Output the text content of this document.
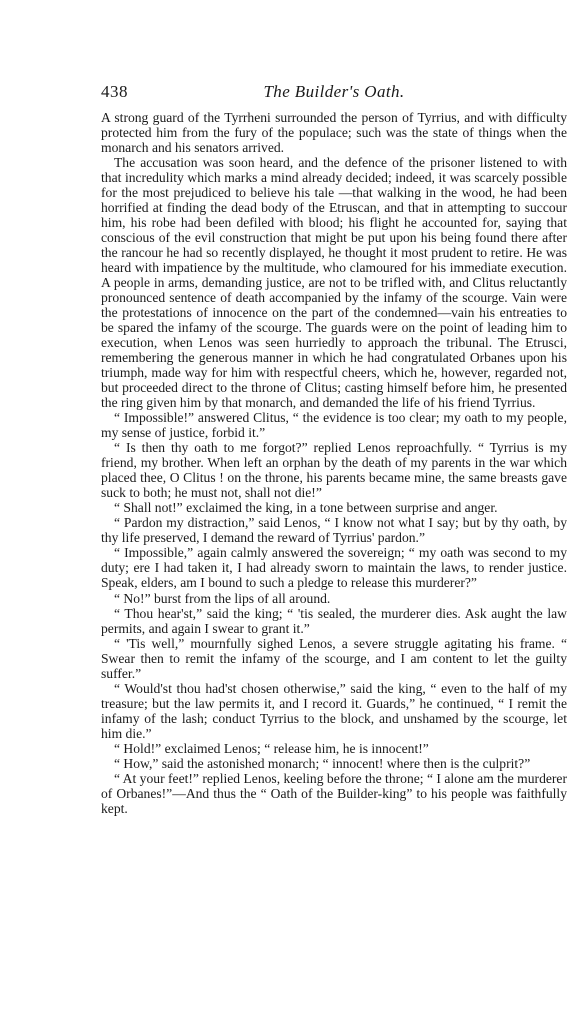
438	The Builder's Oath.

A strong guard of the Tyrrheni surrounded the person of Tyrrius, and with difficulty protected him from the fury of the populace; such was the state of things when the monarch and his senators arrived.

The accusation was soon heard, and the defence of the prisoner listened to with that incredulity which marks a mind already decided; indeed, it was scarcely possible for the most prejudiced to believe his tale —that walking in the wood, he had been horrified at finding the dead body of the Etruscan, and that in attempting to succour him, his robe had been defiled with blood; his flight he accounted for, saying that conscious of the evil construction that might be put upon his being found there after the rancour he had so recently displayed, he thought it most prudent to retire. He was heard with impatience by the multitude, who clamoured for his immediate execution. A people in arms, demanding justice, are not to be trifled with, and Clitus reluctantly pronounced sentence of death accompanied by the infamy of the scourge. Vain were the protestations of innocence on the part of the condemned—vain his entreaties to be spared the infamy of the scourge. The guards were on the point of leading him to execution, when Lenos was seen hurriedly to approach the tribunal. The Etrusci, remembering the generous manner in which he had congratulated Orbanes upon his triumph, made way for him with respectful cheers, which he, however, regarded not, but proceeded direct to the throne of Clitus; casting himself before him, he presented the ring given him by that monarch, and demanded the life of his friend Tyrrius.

“ Impossible!” answered Clitus, “ the evidence is too clear; my oath to my people, my sense of justice, forbid it.”

“ Is then thy oath to me forgot?” replied Lenos reproachfully. “ Tyrrius is my friend, my brother. When left an orphan by the death of my parents in the war which placed thee, O Clitus ! on the throne, his parents became mine, the same breasts gave suck to both; he must not, shall not die!”

“ Shall not!” exclaimed the king, in a tone between surprise and anger.

“ Pardon my distraction,” said Lenos, “ I know not what I say; but by thy oath, by thy life preserved, I demand the reward of Tyrrius' pardon.”

“ Impossible,” again calmly answered the sovereign; “ my oath was second to my duty; ere I had taken it, I had already sworn to maintain the laws, to render justice. Speak, elders, am I bound to such a pledge to release this murderer?”

“ No!” burst from the lips of all around.

“ Thou hear'st,” said the king; “ 'tis sealed, the murderer dies. Ask aught the law permits, and again I swear to grant it.”

“ 'Tis well,” mournfully sighed Lenos, a severe struggle agitating his frame. “ Swear then to remit the infamy of the scourge, and I am content to let the guilty suffer.”

“ Would'st thou had'st chosen otherwise,” said the king, “ even to the half of my treasure; but the law permits it, and I record it. Guards,” he continued, “ I remit the infamy of the lash; conduct Tyrrius to the block, and unshamed by the scourge, let him die.”

“ Hold!” exclaimed Lenos; “ release him, he is innocent!”

“ How,” said the astonished monarch; “ innocent! where then is the culprit?”

“ At your feet!” replied Lenos, keeling before the throne; “ I alone am the murderer of Orbanes!”—And thus the “ Oath of the Builder-king” to his people was faithfully kept.
